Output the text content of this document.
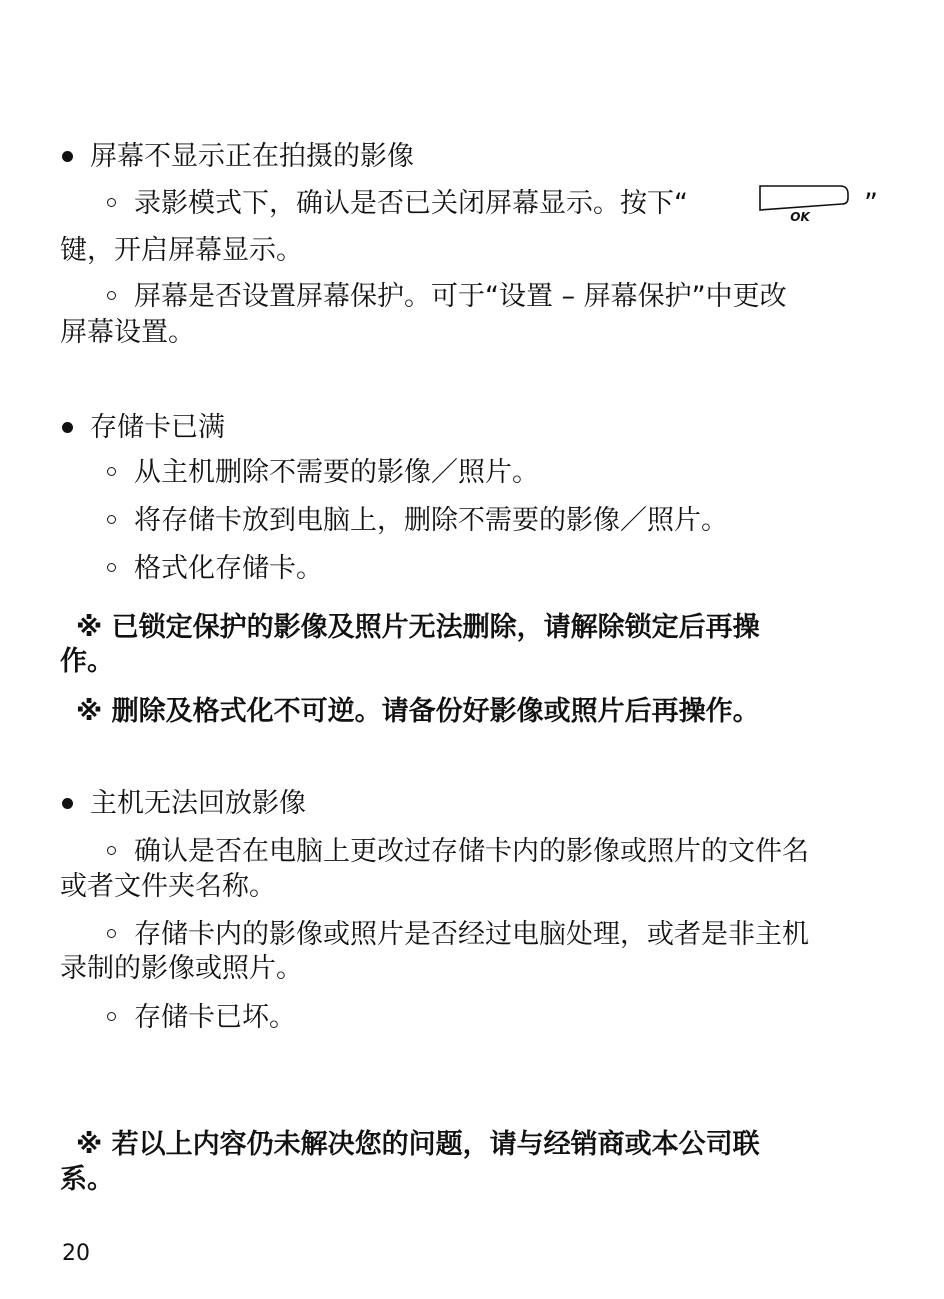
屏幕不显示正在拍摄的影像
录影模式下，确认是否已关闭屏幕显示。按下“	OK ”
键，开启屏幕显示。
屏幕是否设置屏幕保护。可于“设置 – 屏幕保护”中更改
屏幕设置。
存储卡已满
从主机删除不需要的影像／照片。
将存储卡放到电脑上，删除不需要的影像／照片。
格式化存储卡。
※ 已锁定保护的影像及照片无法删除，请解除锁定后再操
作。
※ 删除及格式化不可逆。请备份好影像或照片后再操作。
主机无法回放影像
确认是否在电脑上更改过存储卡内的影像或照片的文件名
或者文件夹名称。
存储卡内的影像或照片是否经过电脑处理，或者是非主机
录制的影像或照片。
存储卡已坏。
※ 若以上内容仍未解决您的问题，请与经销商或本公司联
系。
20
